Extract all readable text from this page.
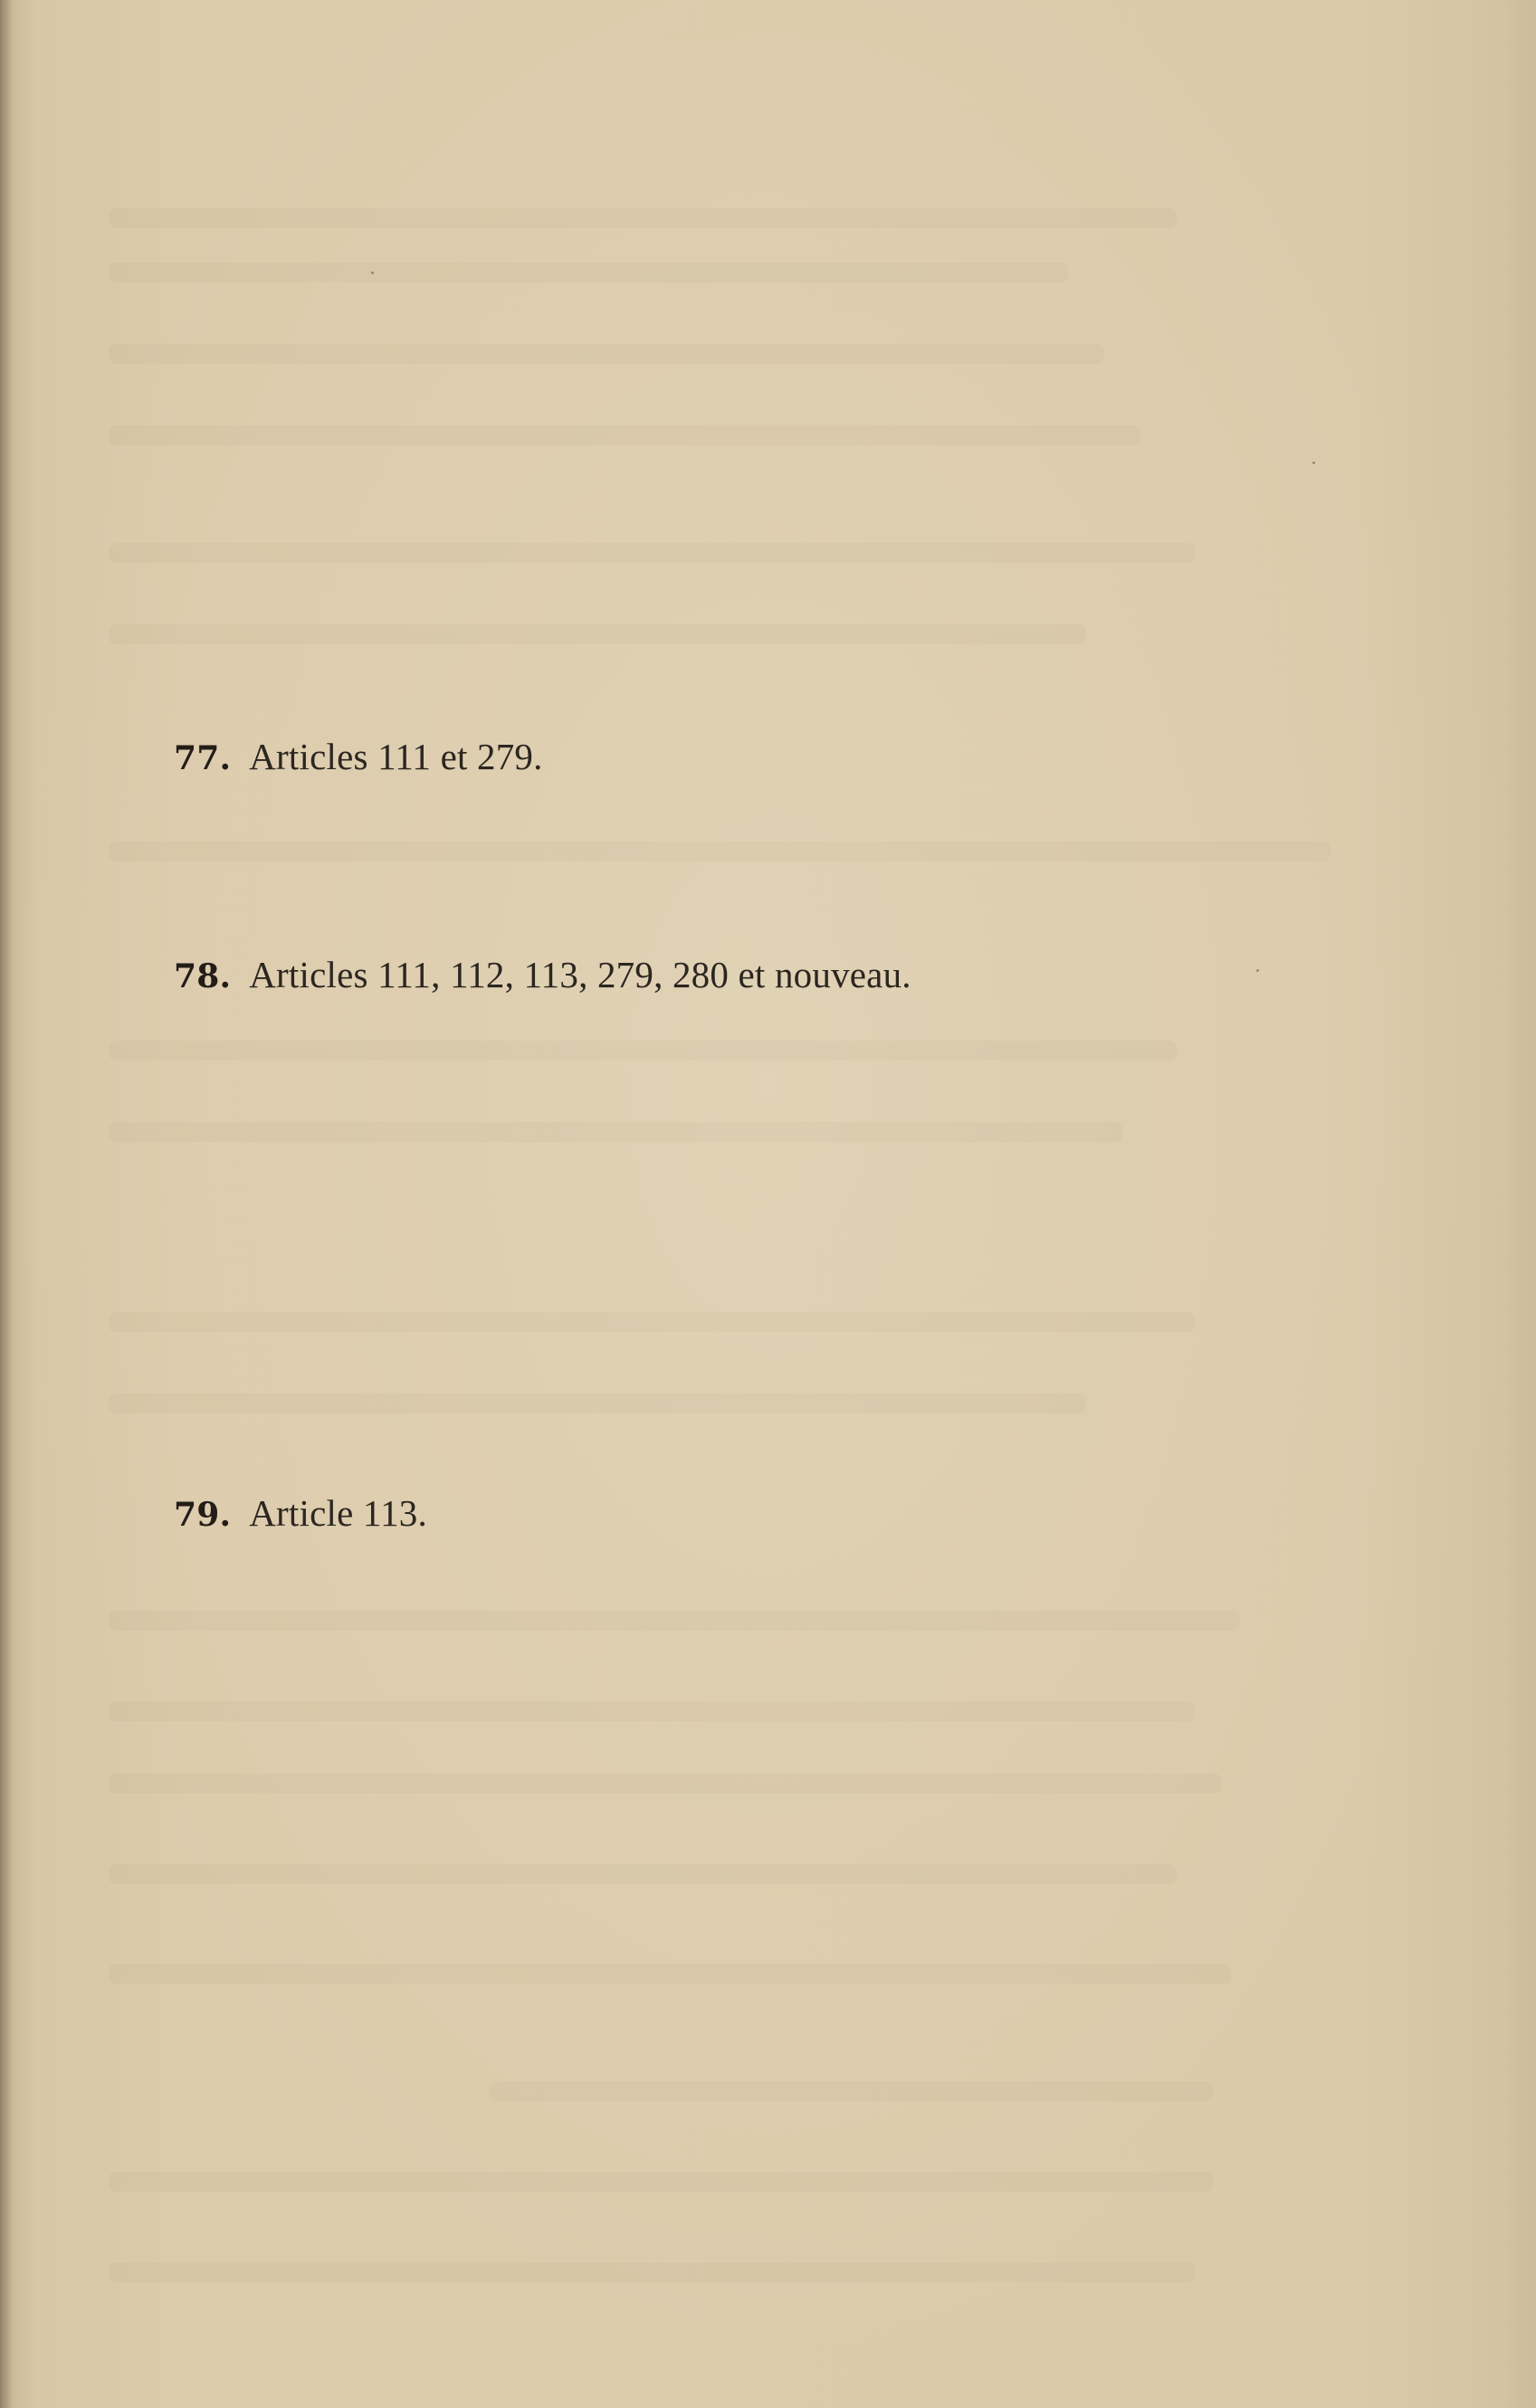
77. Articles 111 et 279.
78. Articles 111, 112, 113, 279, 280 et nouveau.
79. Article 113.
